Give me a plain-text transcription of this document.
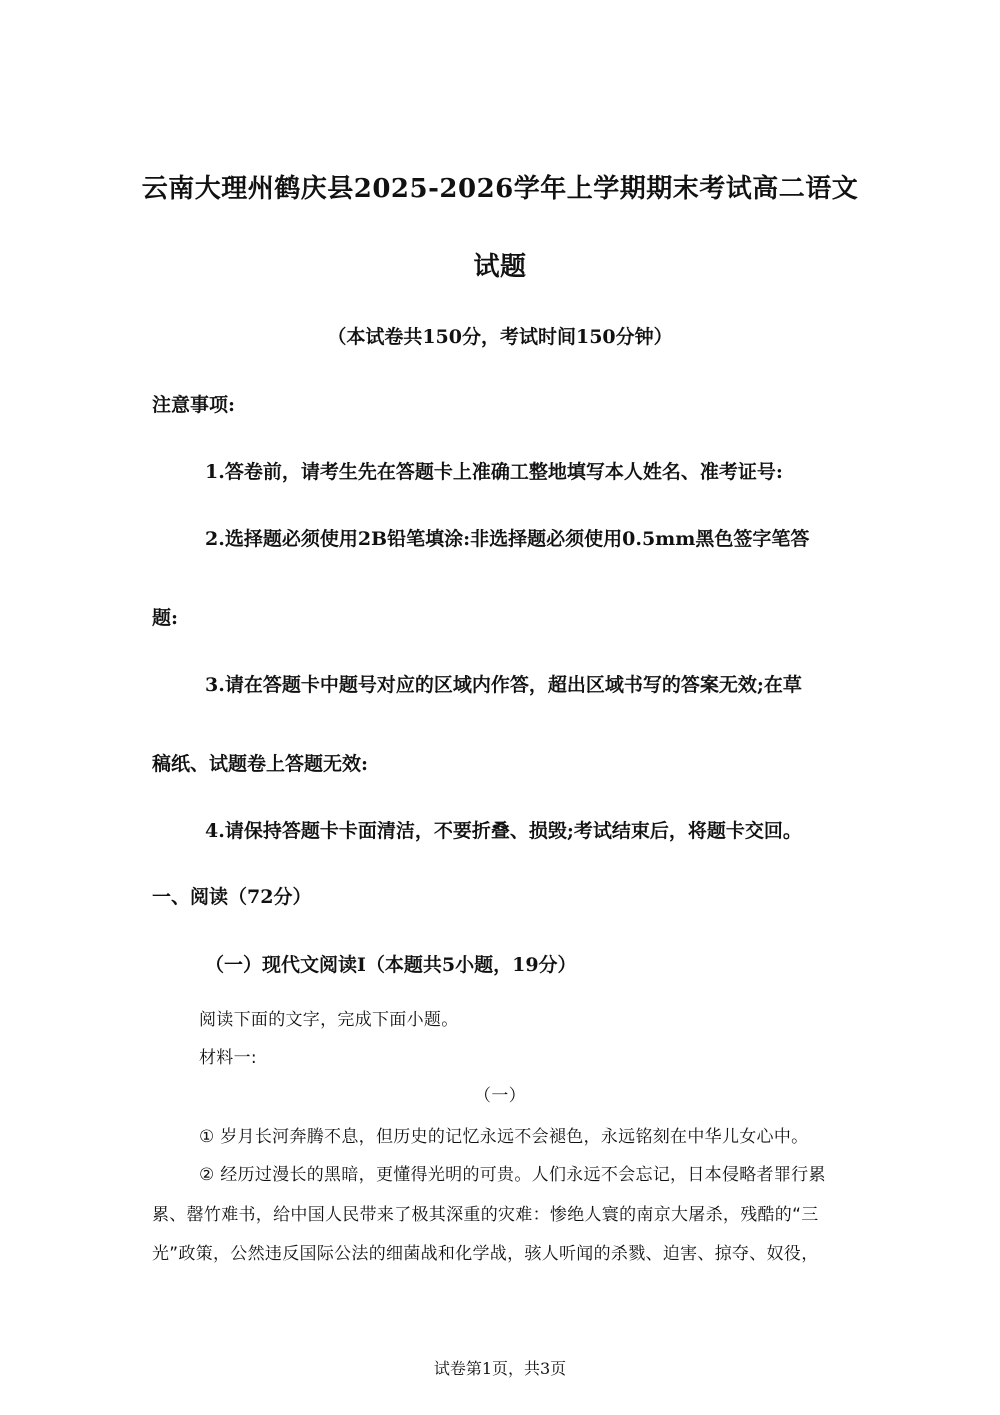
云南大理州鹤庆县2025-2026学年上学期期末考试高二语文
试题
（本试卷共150分，考试时间150分钟）
注意事项:
1.答卷前，请考生先在答题卡上准确工整地填写本人姓名、准考证号:
2.选择题必须使用2B铅笔填涂:非选择题必须使用0.5mm黑色签字笔答
题:
3.请在答题卡中题号对应的区域内作答，超出区域书写的答案无效;在草
稿纸、试题卷上答题无效:
4.请保持答题卡卡面清洁，不要折叠、损毁;考试结束后，将题卡交回。
一、阅读（72分）
（一）现代文阅读Ⅰ（本题共5小题，19分）
阅读下面的文字，完成下面小题。
材料一:
（一）
① 岁月长河奔腾不息，但历史的记忆永远不会褪色，永远铭刻在中华儿女心中。
② 经历过漫长的黑暗，更懂得光明的可贵。人们永远不会忘记，日本侵略者罪行累
累、罄竹难书，给中国人民带来了极其深重的灾难：惨绝人寰的南京大屠杀，残酷的“三
光”政策，公然违反国际公法的细菌战和化学战，骇人听闻的杀戮、迫害、掠夺、奴役，
试卷第1页，共3页
